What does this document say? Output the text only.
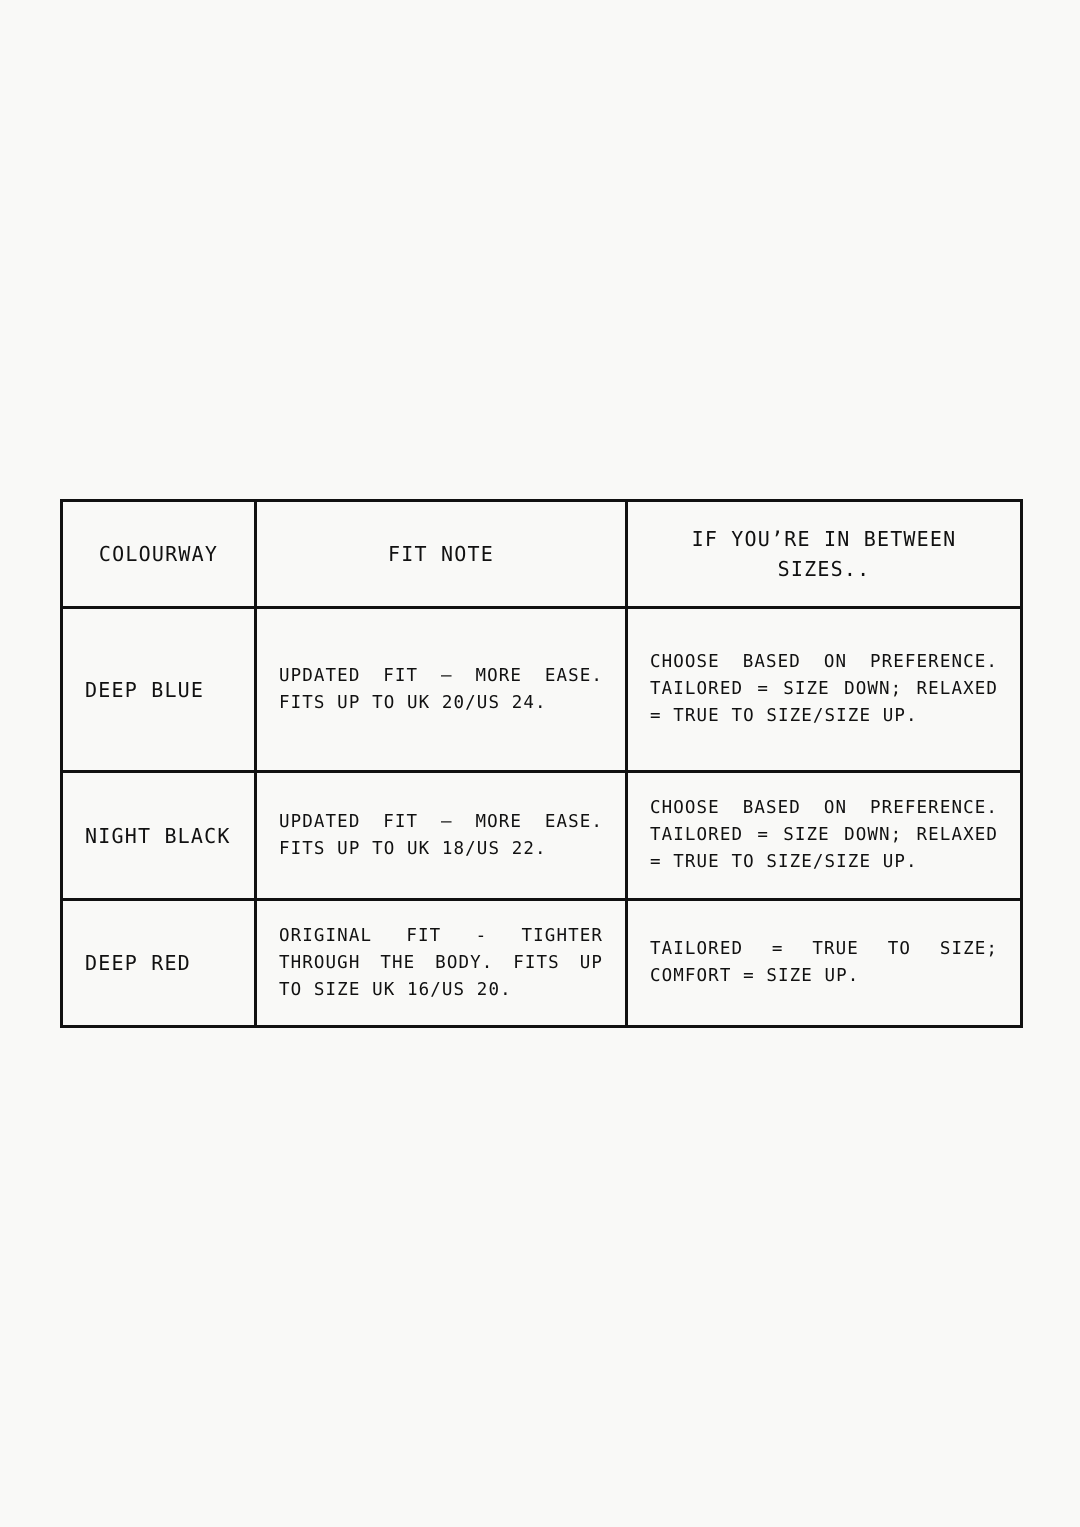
COLOURWAY	FIT NOTE	IF YOU’RE IN BETWEEN SIZES..
DEEP BLUE	UPDATED FIT – MORE EASE. FITS UP TO UK 20/US 24.	CHOOSE BASED ON PREFERENCE. TAILORED = SIZE DOWN; RELAXED = TRUE TO SIZE/SIZE UP.
NIGHT BLACK	UPDATED FIT – MORE EASE. FITS UP TO UK 18/US 22.	CHOOSE BASED ON PREFERENCE. TAILORED = SIZE DOWN; RELAXED = TRUE TO SIZE/SIZE UP.
DEEP RED	ORIGINAL FIT - TIGHTER THROUGH THE BODY. FITS UP TO SIZE UK 16/US 20.	TAILORED = TRUE TO SIZE; COMFORT = SIZE UP.
